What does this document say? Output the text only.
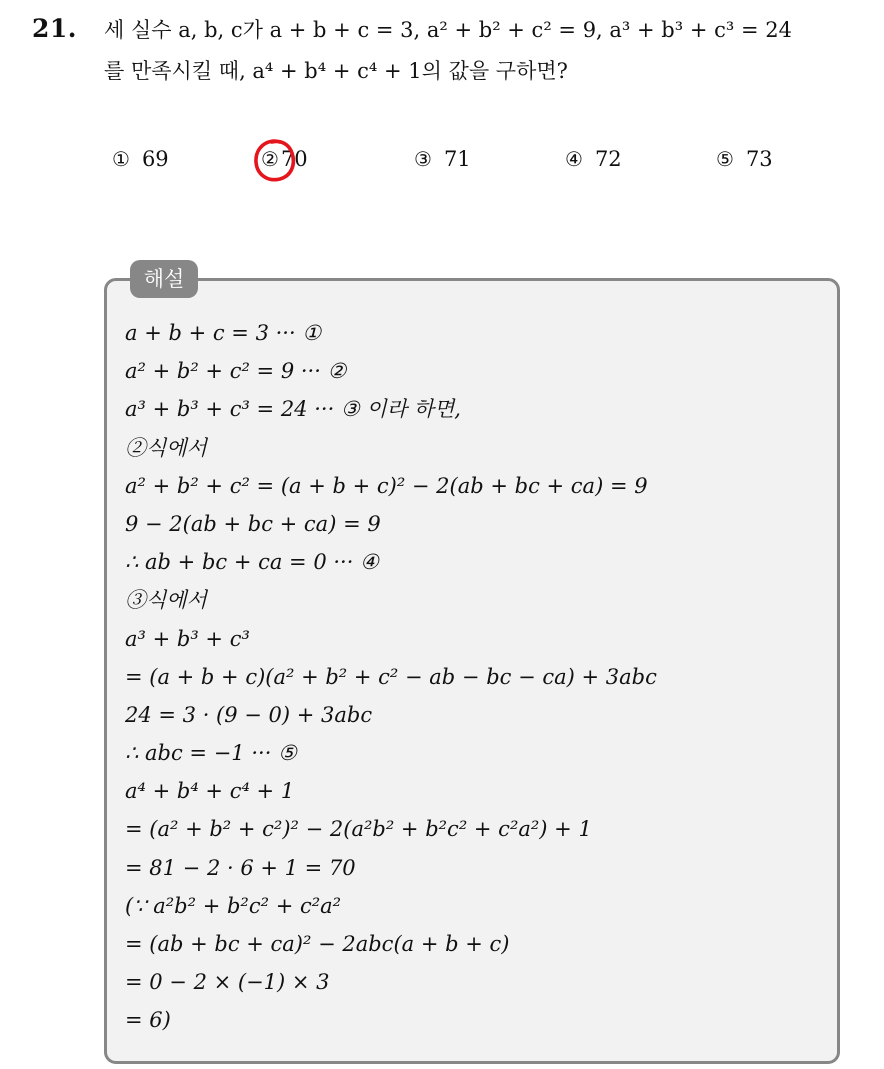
21. 세 실수 a, b, c가 a + b + c = 3, a² + b² + c² = 9, a³ + b³ + c³ = 24
를 만족시킬 때, a⁴ + b⁴ + c⁴ + 1의 값을 구하면?
① 69	②70	③ 71	④ 72	⑤ 73
해설
a + b + c = 3 ··· ①
a² + b² + c² = 9 ··· ②
a³ + b³ + c³ = 24 ··· ③ 이라 하면,
②식에서
a² + b² + c² = (a + b + c)² − 2(ab + bc + ca) = 9
9 − 2(ab + bc + ca) = 9
∴ ab + bc + ca = 0 ··· ④
③식에서
a³ + b³ + c³
= (a + b + c)(a² + b² + c² − ab − bc − ca) + 3abc
24 = 3 · (9 − 0) + 3abc
∴ abc = −1 ··· ⑤
a⁴ + b⁴ + c⁴ + 1
= (a² + b² + c²)² − 2(a²b² + b²c² + c²a²) + 1
= 81 − 2 · 6 + 1 = 70
(∵ a²b² + b²c² + c²a²
= (ab + bc + ca)² − 2abc(a + b + c)
= 0 − 2 × (−1) × 3
= 6)
